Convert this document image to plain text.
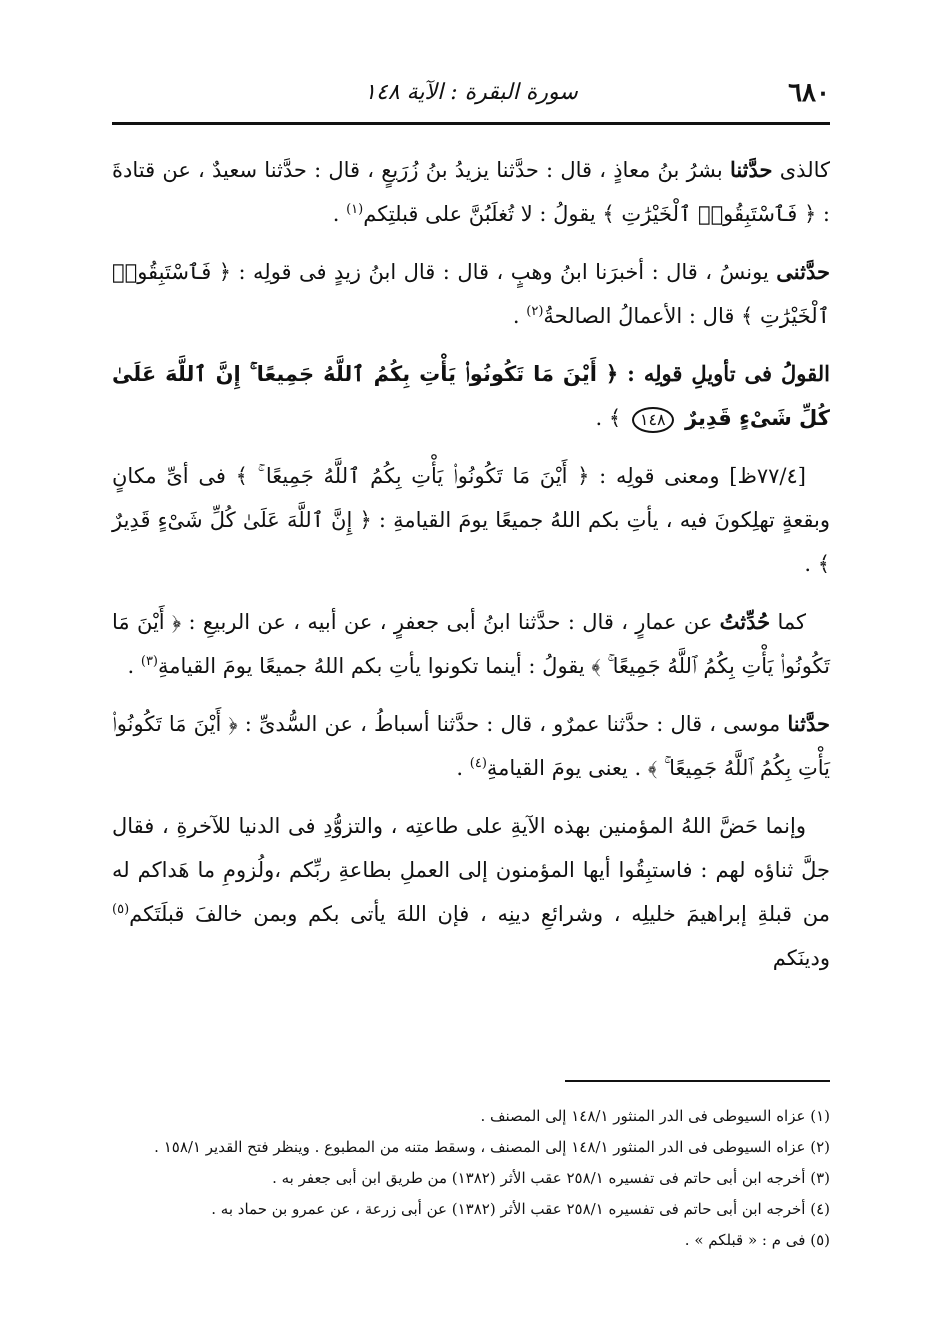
٦٨٠
سورة البقرة : الآية ١٤٨

كالذى حدَّثنا بشرُ بنُ معاذٍ ، قال : حدَّثنا يزيدُ بنُ زُرَيعٍ ، قال : حدَّثنا سعيدٌ ، عن قتادةَ : ﴿ فَٱسْتَبِقُوا۟ ٱلْخَيْرَٰتِ ﴾ يقولُ : لا تُغلَبُنَّ على قبلتِكم$^{(١)}$ .

حدَّثنى يونسُ ، قال : أخبرَنا ابنُ وهبٍ ، قال : قال ابنُ زيدٍ فى قولِه : ﴿ فَٱسْتَبِقُوا۟ ٱلْخَيْرَٰتِ ﴾ قال : الأعمالُ الصالحةُ$^{(٢)}$ .

القولُ فى تأويلِ قولِه : ﴿ أَيْنَ مَا تَكُونُوا۟ يَأْتِ بِكُمُ ٱللَّهُ جَمِيعًا ۚ إِنَّ ٱللَّهَ عَلَىٰ كُلِّ شَىْءٍ قَدِيرٌ ١٤٨ ﴾ .

[٧٧/٤ظ] ومعنى قولِه : ﴿ أَيْنَ مَا تَكُونُوا۟ يَأْتِ بِكُمُ ٱللَّهُ جَمِيعًا ۚ ﴾ فى أىِّ مكانٍ وبقعةٍ تهلِكونَ فيه ، يأتِ بكم اللهُ جميعًا يومَ القيامةِ : ﴿ إِنَّ ٱللَّهَ عَلَىٰ كُلِّ شَىْءٍ قَدِيرٌ ﴾ .

كما حُدِّثتُ عن عمارٍ ، قال : حدَّثنا ابنُ أبى جعفرٍ ، عن أبيه ، عن الربيعِ : ﴿ أَيْنَ مَا تَكُونُوا۟ يَأْتِ بِكُمُ ٱللَّهُ جَمِيعًا ۚ ﴾ يقولُ : أينما تكونوا يأتِ بكم اللهُ جميعًا يومَ القيامةِ$^{(٣)}$ .

حدَّثنا موسى ، قال : حدَّثنا عمرٌو ، قال : حدَّثنا أسباطُ ، عن السُّدىِّ : ﴿ أَيْنَ مَا تَكُونُوا۟ يَأْتِ بِكُمُ ٱللَّهُ جَمِيعًا ۚ ﴾ . يعنى يومَ القيامةِ$^{(٤)}$ .

وإنما حَضَّ اللهُ المؤمنين بهذه الآيةِ على طاعتِه ، والتزوُّدِ فى الدنيا للآخرةِ ، فقال جلَّ ثناؤه لهم : فاستبِقُوا أيها المؤمنون إلى العملِ بطاعةِ ربِّكم ،ولُزومِ ما هَداكم له من قبلةِ إبراهيمَ خليلِه ، وشرائعِ دينِه ، فإن اللهَ يأتى بكم وبمن خالفَ قبلَتَكم$^{(٥)}$ ودينَكم

(١) عزاه السيوطى فى الدر المنثور ١٤٨/١ إلى المصنف .
(٢) عزاه السيوطى فى الدر المنثور ١٤٨/١ إلى المصنف ، وسقط متنه من المطبوع . وينظر فتح القدير ١٥٨/١ .
(٣) أخرجه ابن أبى حاتم فى تفسيره ٢٥٨/١ عقب الأثر (١٣٨٢) من طريق ابن أبى جعفر به .
(٤) أخرجه ابن أبى حاتم فى تفسيره ٢٥٨/١ عقب الأثر (١٣٨٢) عن أبى زرعة ، عن عمرو بن حماد به .
(٥) فى م : « قبلكم » .
